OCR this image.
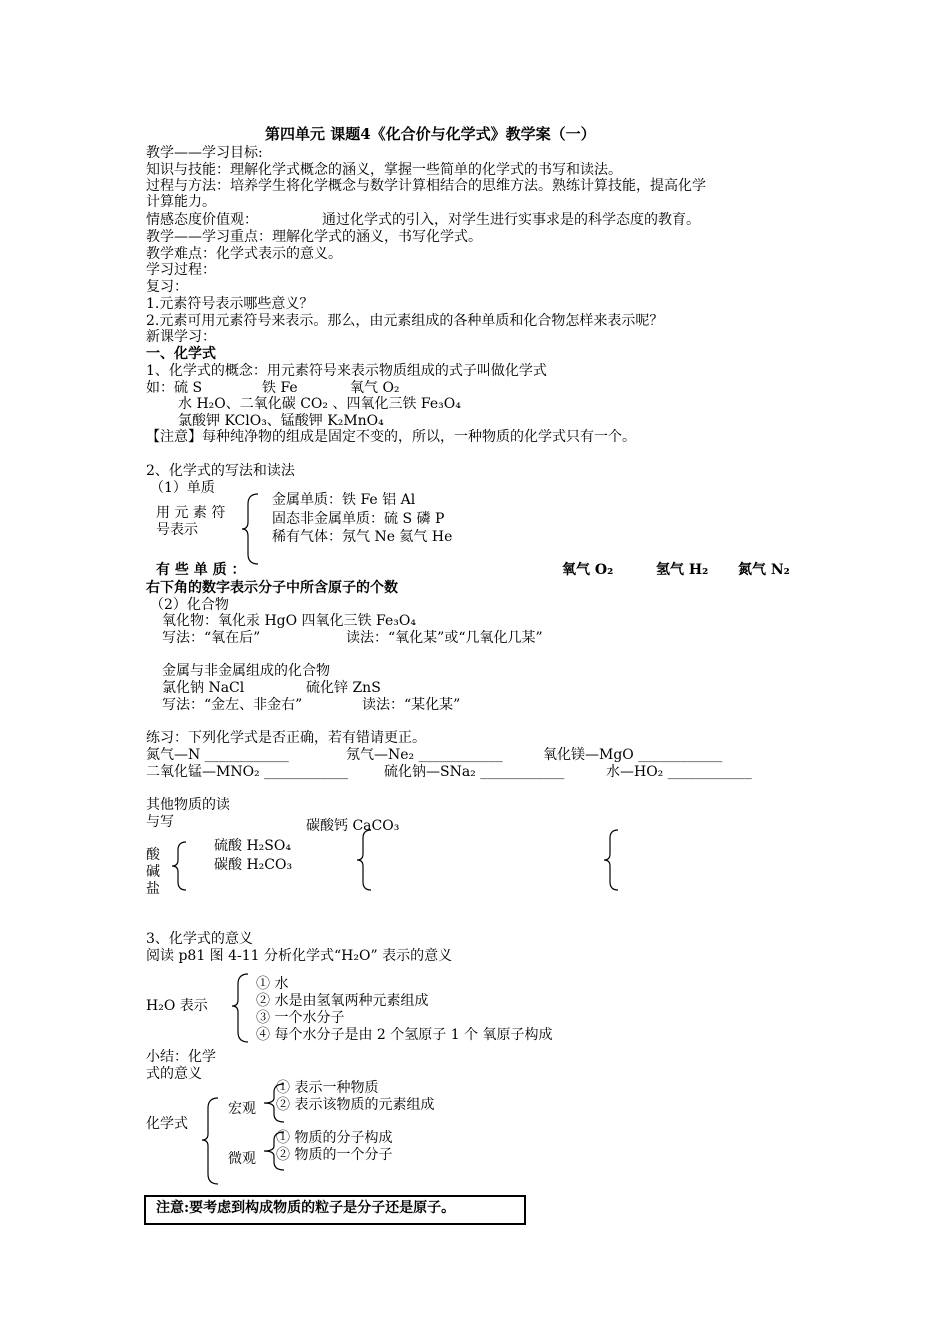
第四单元 课题4《化合价与化学式》教学案（一）
教学——学习目标:
知识与技能：理解化学式概念的涵义，掌握一些简单的化学式的书写和读法。
过程与方法：培养学生将化学概念与数学计算相结合的思维方法。熟练计算技能，提高化学
计算能力。
情感态度价值观：	通过化学式的引入，对学生进行实事求是的科学态度的教育。
教学——学习重点：理解化学式的涵义，书写化学式。
教学难点：化学式表示的意义。
学习过程：
复习：
1.元素符号表示哪些意义？
2.元素可用元素符号来表示。那么，由元素组成的各种单质和化合物怎样来表示呢？
新课学习：
一、化学式
1、化学式的概念：用元素符号来表示物质组成的式子叫做化学式
如：硫 S	铁 Fe	氧气 O₂
水 H₂O、二氧化碳 CO₂ 、四氧化三铁 Fe₃O₄
氯酸钾 KClO₃、锰酸钾 K₂MnO₄
【注意】每种纯净物的组成是固定不变的，所以，一种物质的化学式只有一个。
2、化学式的写法和读法
（1）单质
用 元 素 符
号表示
金属单质：铁 Fe 铝 Al
固态非金属单质：硫 S 磷 P
稀有气体：氖气 Ne 氦气 He
有 些 单 质 ：	氧气 O₂	氢气 H₂ 氮气 N₂
右下角的数字表示分子中所含原子的个数
（2）化合物
氧化物：氧化汞 HgO 四氧化三铁 Fe₃O₄
写法：“氧在后”	读法：“氧化某”或“几氧化几某”
金属与非金属组成的化合物
氯化钠 NaCl	硫化锌 ZnS
写法：“金左、非金右”	读法：“某化某”
练习：下列化学式是否正确，若有错请更正。
氮气—N ____________	氖气—Ne₂ ____________	氧化镁—MgO ____________
二氧化锰—MNO₂ ____________	硫化钠—SNa₂ ____________	水—HO₂ ____________
其他物质的读
与写	碳酸钙 CaCO₃
酸
碱
盐
硫酸 H₂SO₄
碳酸 H₂CO₃
3、化学式的意义
阅读 p81 图 4-11 分析化学式“H₂O” 表示的意义
H₂O 表示
① 水
② 水是由氢氧两种元素组成
③ 一个水分子
④ 每个水分子是由 2 个氢原子 1 个 氧原子构成
小结：化学
式的意义
化学式
宏观
微观
① 表示一种物质
② 表示该物质的元素组成
① 物质的分子构成
② 物质的一个分子
注意:要考虑到构成物质的粒子是分子还是原子。
